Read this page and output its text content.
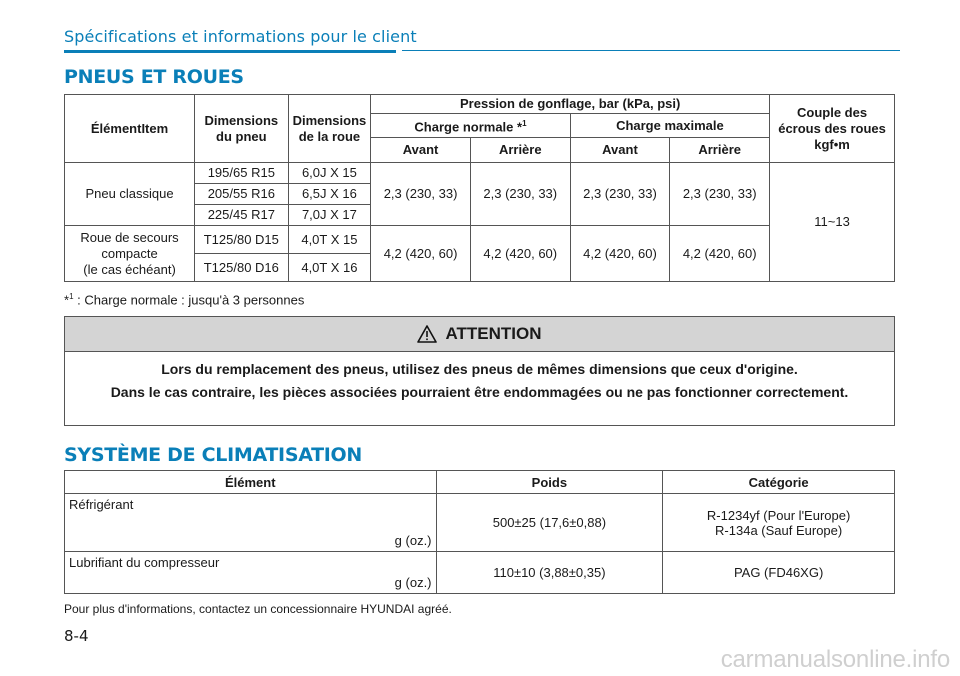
Spécifications et informations pour le client
PNEUS ET ROUES
ÉlémentItem	Dimensions du pneu	Dimensions de la roue	Pression de gonflage, bar (kPa, psi)				Couple des écrous des roues kgf•m
			Charge normale *$^1$		Charge maximale		
			Avant	Arrière	Avant	Arrière	
Pneu classique	195/65 R15	6,0J X 15	2,3 (230, 33)	2,3 (230, 33)	2,3 (230, 33)	2,3 (230, 33)	11~13
	205/55 R16	6,5J X 16					
	225/45 R17	7,0J X 17					
Roue de secours
compacte
(le cas échéant)	T125/80 D15	4,0T X 15	4,2 (420, 60)	4,2 (420, 60)	4,2 (420, 60)	4,2 (420, 60)	
	T125/80 D16	4,0T X 16					
*$^1$ : Charge normale : jusqu'à 3 personnes
ATTENTION

Lors du remplacement des pneus, utilisez des pneus de mêmes dimensions que ceux d'origine.

Dans le cas contraire, les pièces associées pourraient être endommagées ou ne pas fonctionner correctement.

SYSTÈME DE CLIMATISATION
Élément	Poids	Catégorie

Réfrigérant
g (oz.)	500±25 (17,6±0,88)	R-1234yf (Pour l'Europe)
R-134a (Sauf Europe)

Lubrifiant du compresseur
g (oz.)	110±10 (3,88±0,35)	PAG (FD46XG)
Pour plus d'informations, contactez un concessionnaire HYUNDAI agréé.
8-4
carmanualsonline.info
